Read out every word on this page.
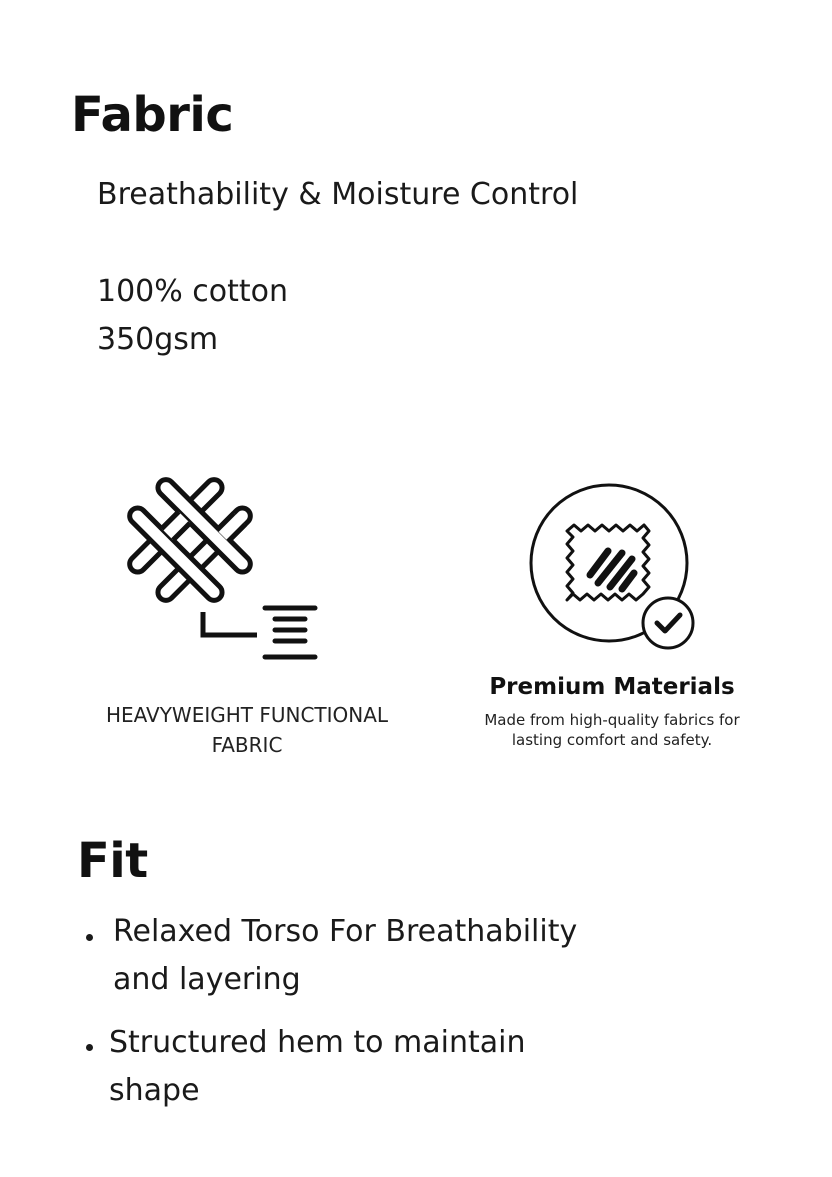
Fabric
Breathability & Moisture Control
100% cotton
350gsm
HEAVYWEIGHT FUNCTIONAL
FABRIC
Premium Materials
Made from high-quality fabrics for
lasting comfort and safety.
Fit
Relaxed Torso For Breathability
and layering
Structured hem to maintain
shape
